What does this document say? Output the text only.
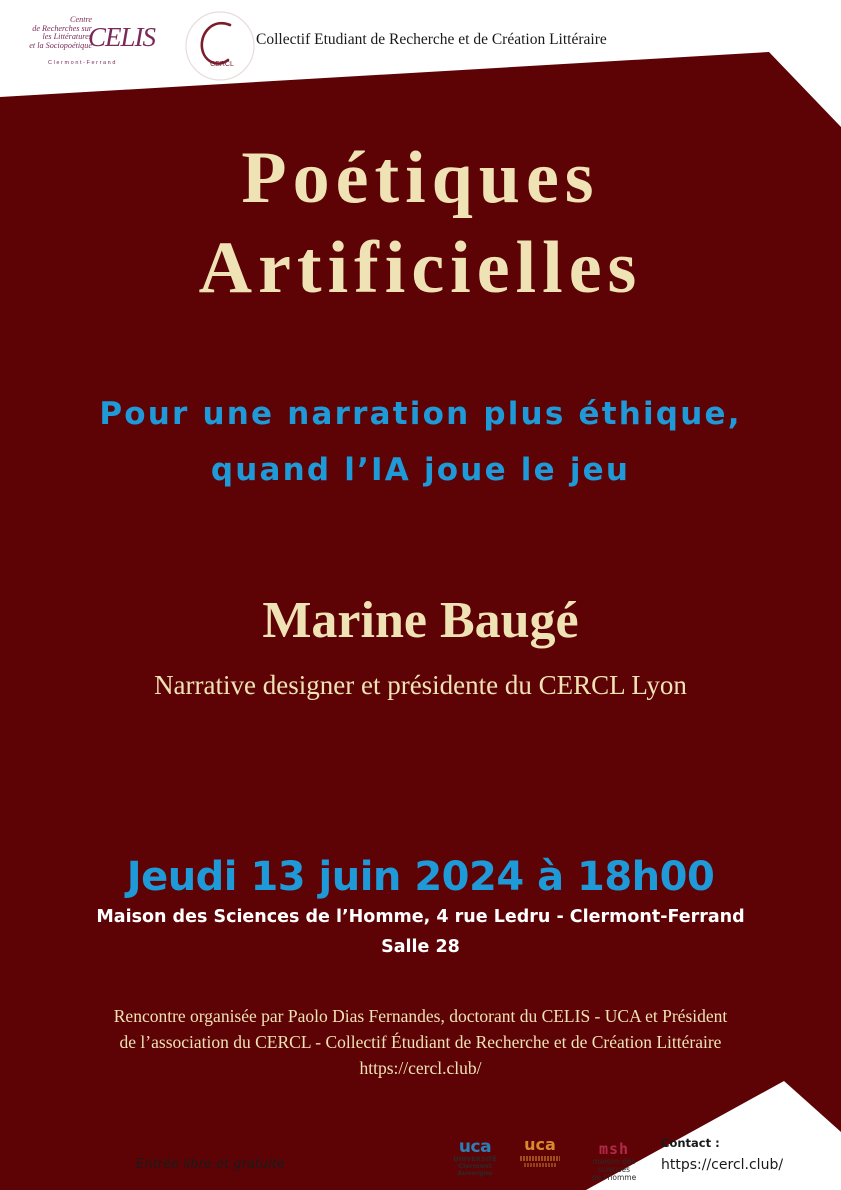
Centre
de Recherches sur
les Littératures
et la Sociopoétique
CELIS
Clermont-Ferrand	CERCL
Collectif Etudiant de Recherche et de Création Littéraire
Poétiques
Artificielles
Pour une narration plus éthique,
quand l’IA joue le jeu
Marine Baugé
Narrative designer et présidente du CERCL Lyon
Jeudi 13 juin 2024 à 18h00
Maison des Sciences de l’Homme, 4 rue Ledru - Clermont-Ferrand
Salle 28
Rencontre organisée par Paolo Dias Fernandes, doctorant du CELIS - UCA et Président
de l’association du CERCL - Collectif Étudiant de Recherche et de Création Littéraire
https://cercl.club/
Entrée libre et gratuite
uca
UNIVERSITÉ
Clermont
Auvergne
uca	msh
maison des sciences
de l'homme
Contact :
https://cercl.club/
